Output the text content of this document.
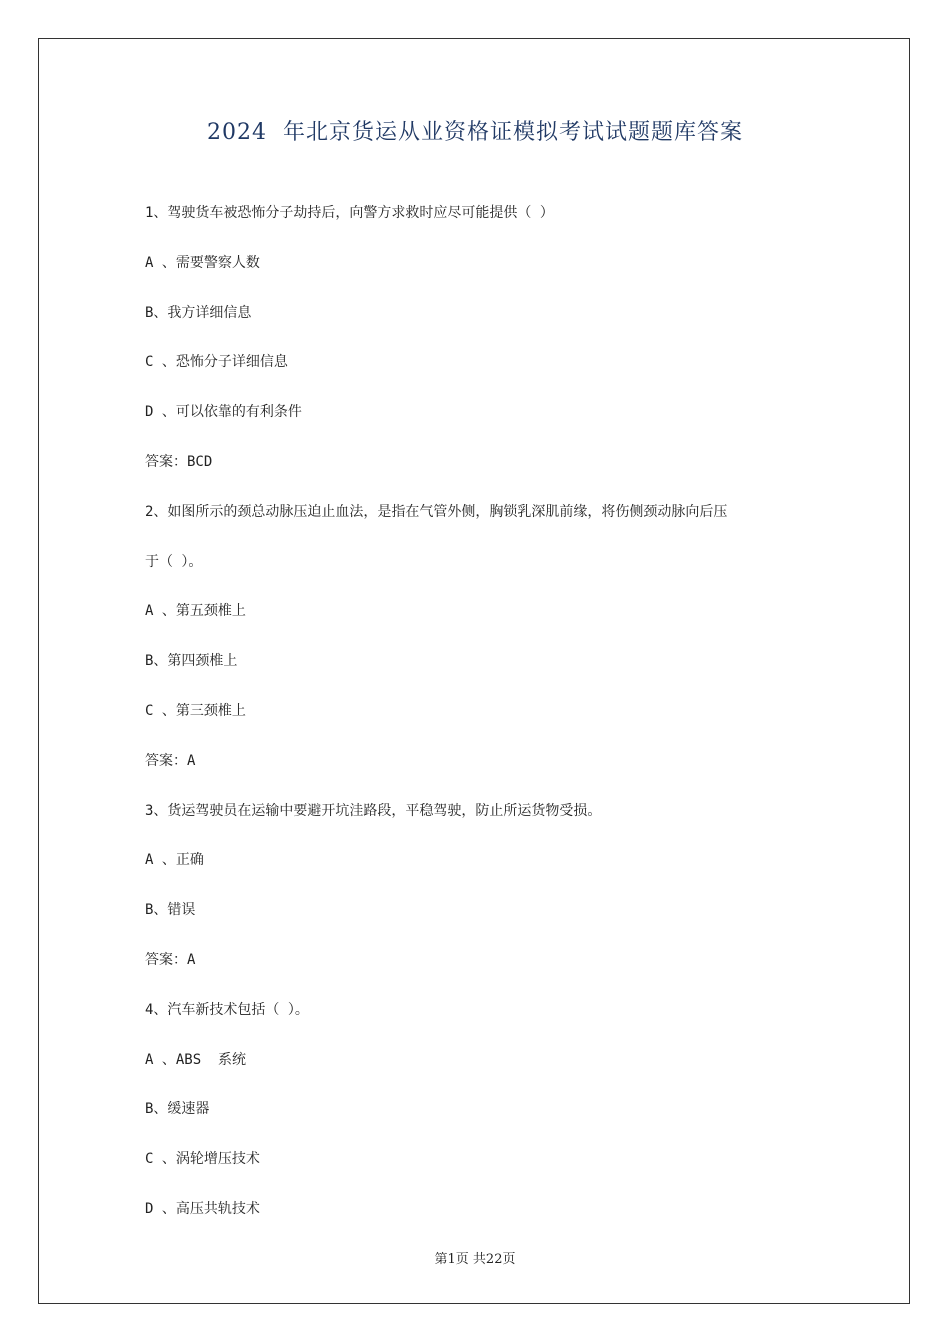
2024  年北京货运从业资格证模拟考试试题题库答案
1、驾驶货车被恐怖分子劫持后，向警方求救时应尽可能提供（ ）
A 、需要警察人数
B、我方详细信息
C 、恐怖分子详细信息
D 、可以依靠的有利条件
答案：BCD
2、如图所示的颈总动脉压迫止血法，是指在气管外侧，胸锁乳深肌前缘，将伤侧颈动脉向后压
于（ ）。
A 、第五颈椎上
B、第四颈椎上
C 、第三颈椎上
答案：A
3、货运驾驶员在运输中要避开坑洼路段，平稳驾驶，防止所运货物受损。
A 、正确
B、错误
答案：A
4、汽车新技术包括（ ）。
A 、ABS  系统
B、缓速器
C 、涡轮增压技术
D 、高压共轨技术
第1页 共22页
